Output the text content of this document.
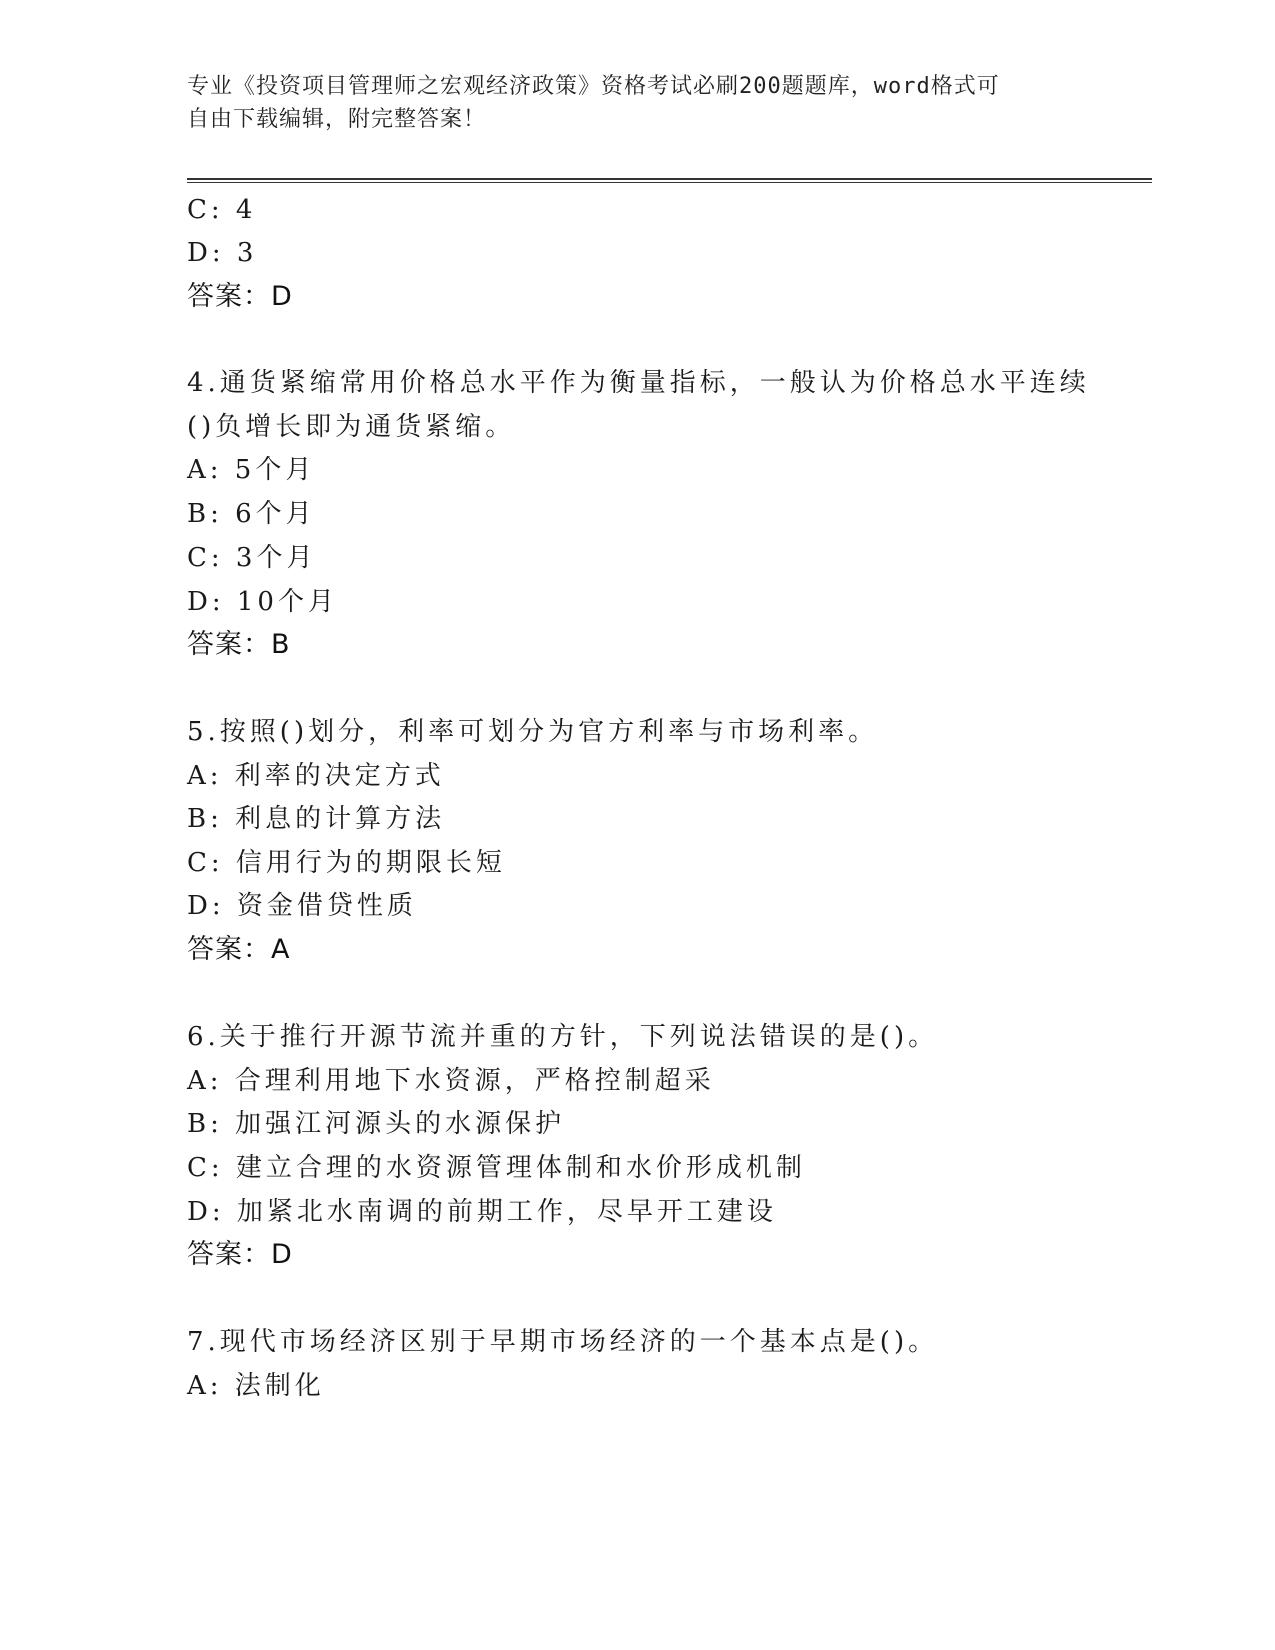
专业《投资项目管理师之宏观经济政策》资格考试必刷200题题库，word格式可
自由下载编辑，附完整答案！
C: 4
D: 3
答案：D
4.通货紧缩常用价格总水平作为衡量指标，一般认为价格总水平连续
()负增长即为通货紧缩。
A: 5个月
B: 6个月
C: 3个月
D: 10个月
答案：B
5.按照()划分，利率可划分为官方利率与市场利率。
A: 利率的决定方式
B: 利息的计算方法
C: 信用行为的期限长短
D: 资金借贷性质
答案：A
6.关于推行开源节流并重的方针，下列说法错误的是()。
A: 合理利用地下水资源，严格控制超采
B: 加强江河源头的水源保护
C: 建立合理的水资源管理体制和水价形成机制
D: 加紧北水南调的前期工作，尽早开工建设
答案：D
7.现代市场经济区别于早期市场经济的一个基本点是()。
A: 法制化
